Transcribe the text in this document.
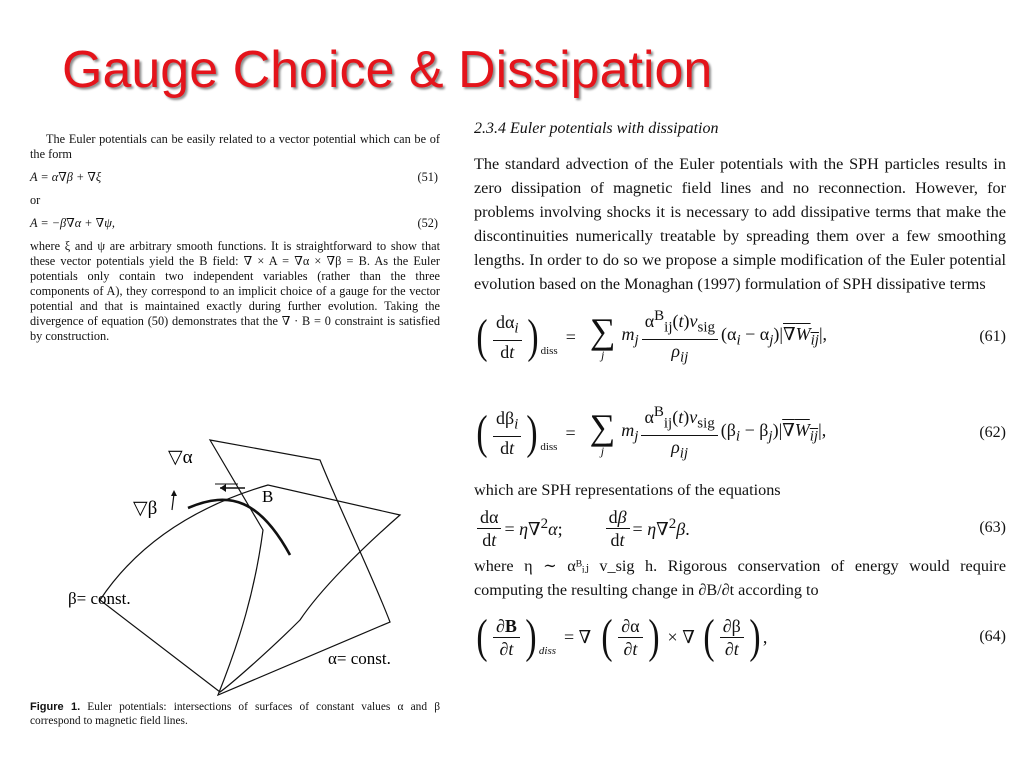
Gauge Choice & Dissipation

The Euler potentials can be easily related to a vector potential which can be of the form

A = α∇β + ∇ξ	(51)
or
A = −β∇α + ∇ψ,	(52)

where ξ and ψ are arbitrary smooth functions. It is straightforward to show that these vector potentials yield the B field: ∇ × A = ∇α × ∇β = B. As the Euler potentials only contain two independent variables (rather than the three components of A), they correspond to an implicit choice of a gauge for the vector potential and that is maintained exactly during further evolution. Taking the divergence of equation (50) demonstrates that the ∇ · B = 0 constraint is satisfied by construction.

▽α
▽β
B
β= const.
α= const.
Figure 1. Euler potentials: intersections of surfaces of constant values α and β correspond to magnetic field lines.
2.3.4 Euler potentials with dissipation

The standard advection of the Euler potentials with the SPH particles results in zero dissipation of magnetic field lines and no reconnection. However, for problems involving shocks it is necessary to add dissipative terms that make the discontinuities numerically treatable by spreading them over a few smoothing lengths. In order to do so we propose a simple modification of the Euler potential evolution based on the Monaghan (1997) formulation of SPH dissipative terms

( $\frac{d\alpha_i}{dt}$ ) diss
= ∑
j
$m_j \frac{\alpha^B_{ij}(t)v_{sig}}{\rho_{ij}} (\alpha_i - \alpha_j)|\nabla W_{ij}|$,	(61)
( $\frac{d\beta_i}{dt}$ ) diss
= ∑
j
$m_j \frac{\alpha^B_{ij}(t)v_{sig}}{\rho_{ij}} (\beta_i - \beta_j)|\nabla W_{ij}|$,	(62)

which are SPH representations of the equations

$\frac{d\alpha}{dt} = \eta\nabla^2\alpha$; $\frac{d\beta}{dt} = \eta\nabla^2\beta$.	(63)

where η ∼ αᴮᵢⱼ v_sig h. Rigorous conservation of energy would require computing the resulting change in ∂B/∂t according to

( $\frac{\partial B}{\partial t}$ ) diss
= ∇ ( $\frac{\partial\alpha}{\partial t}$ ) × ∇ ( $\frac{\partial\beta}{\partial t}$ ) ,	(64)
